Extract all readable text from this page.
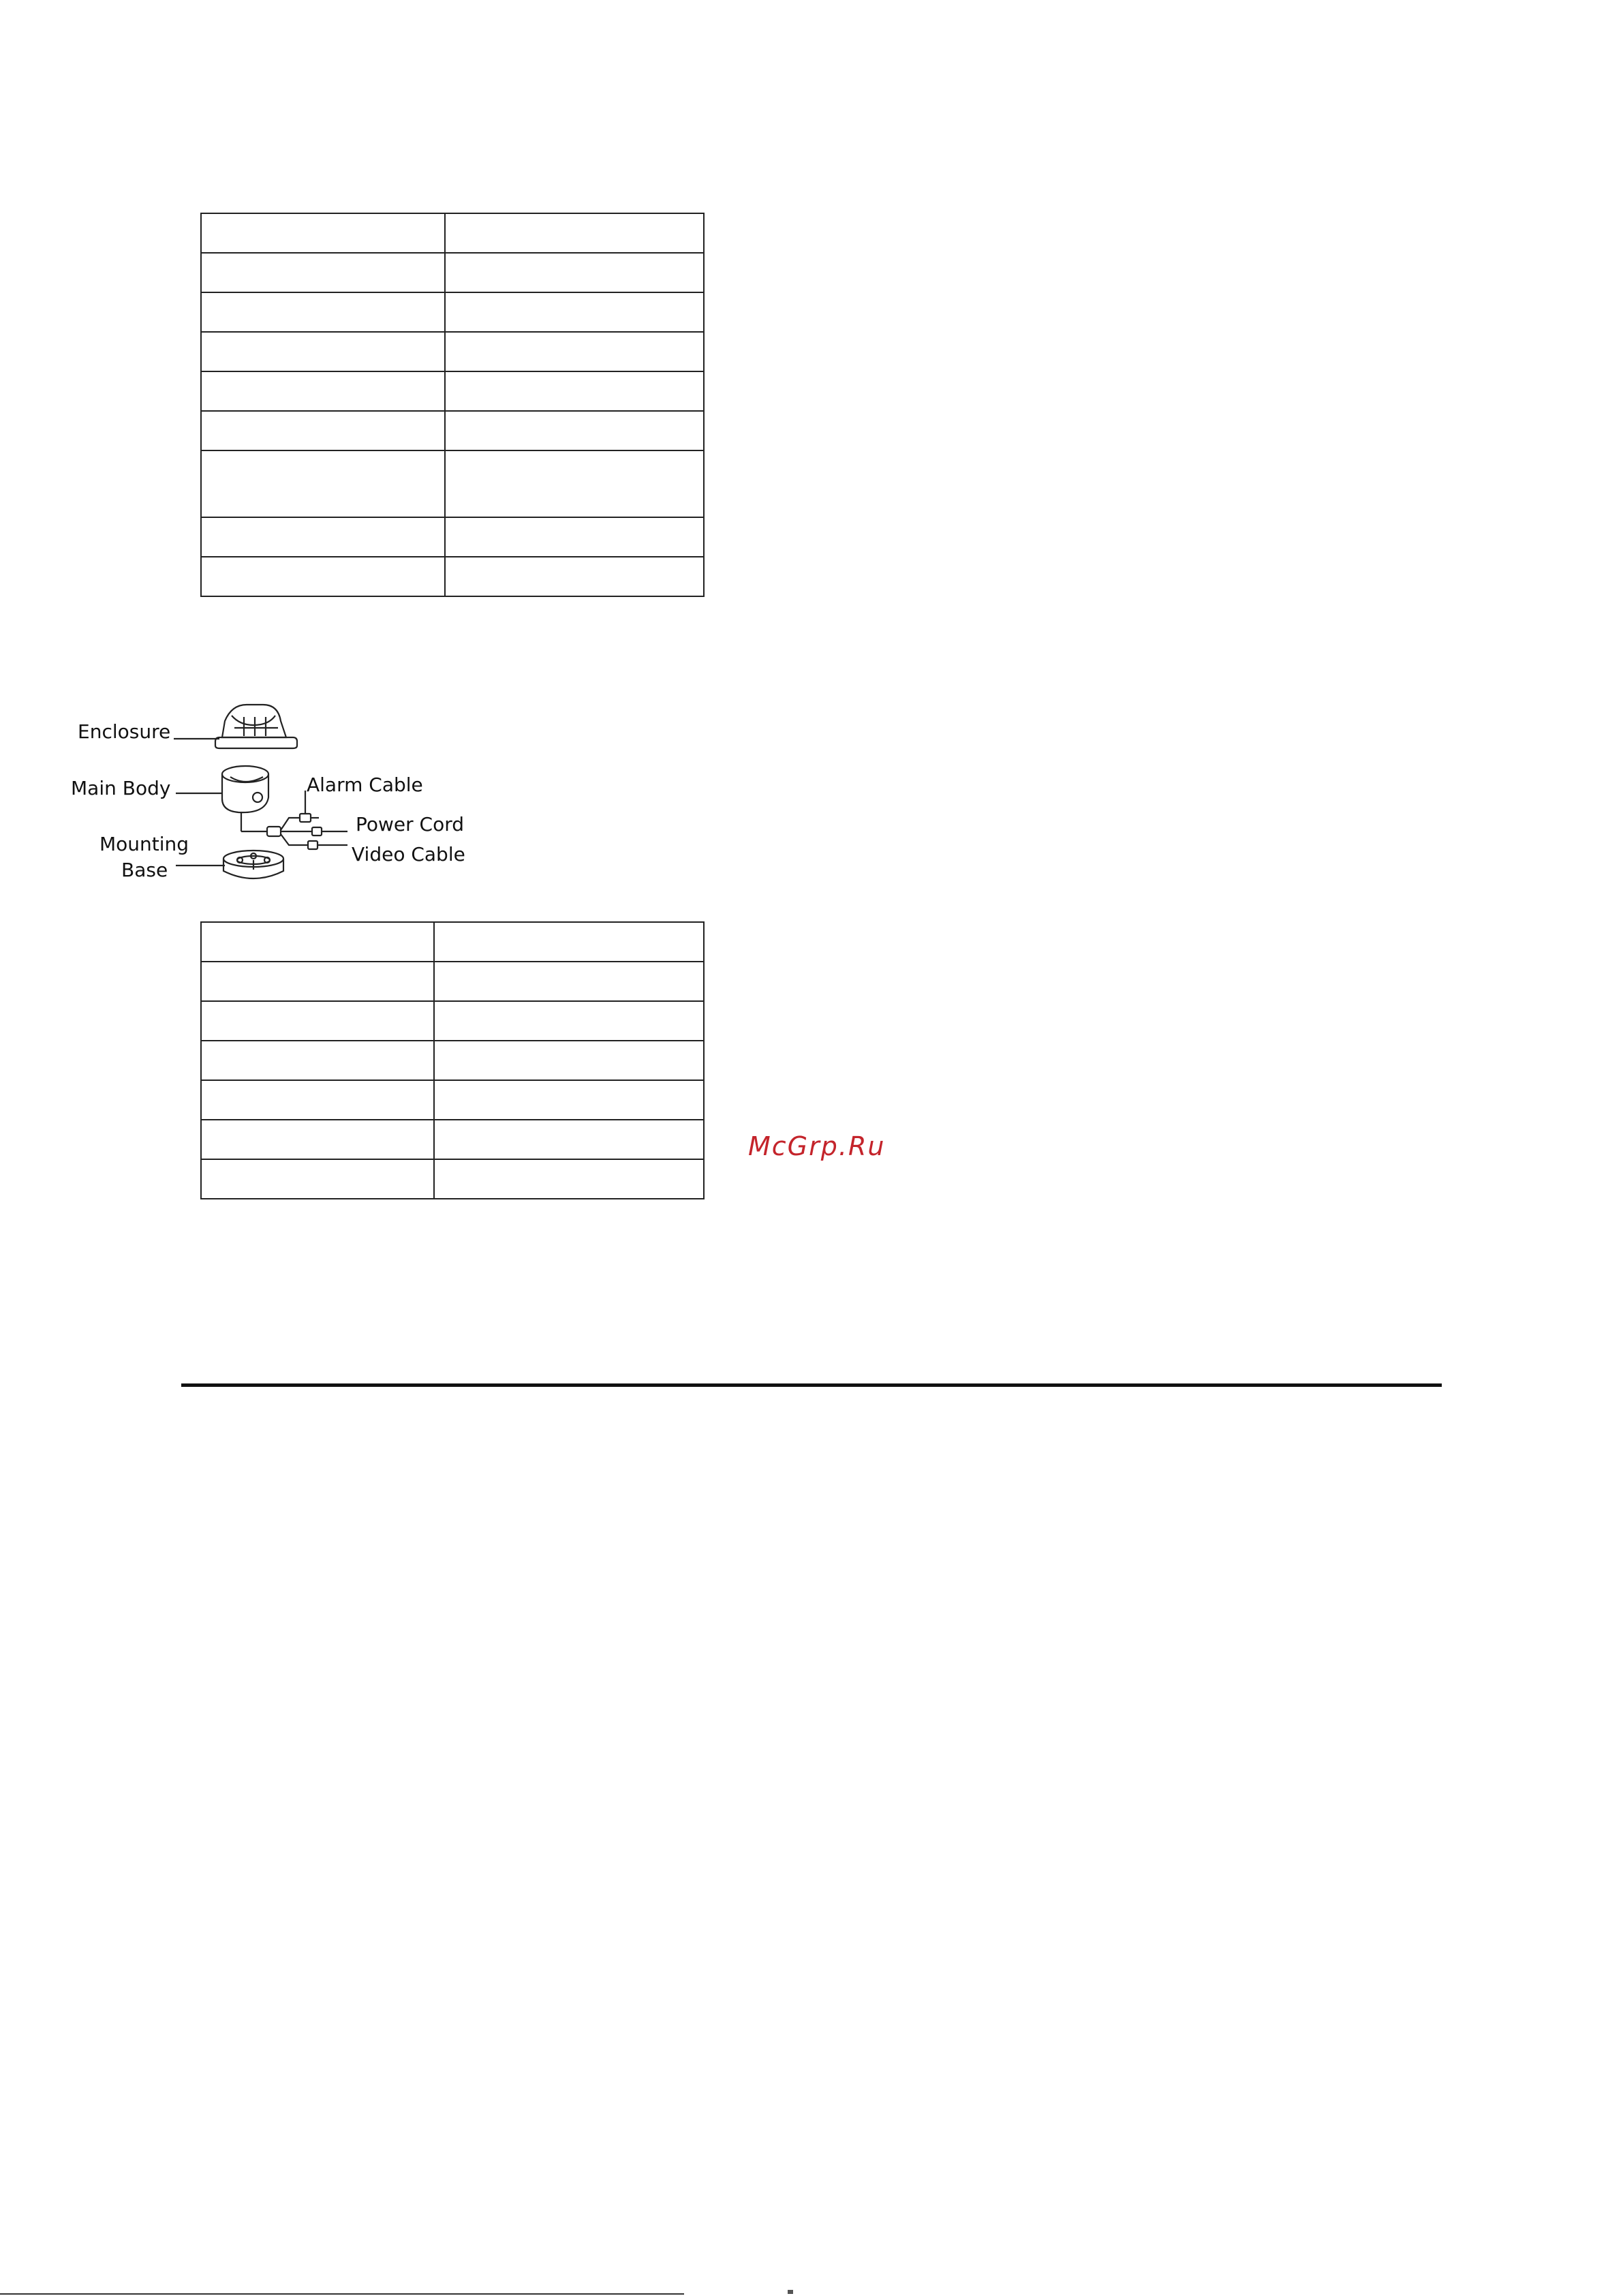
Enclosure
Main Body
Mounting
Base
Alarm Cable
Power Cord
Video Cable

McGrp.Ru
